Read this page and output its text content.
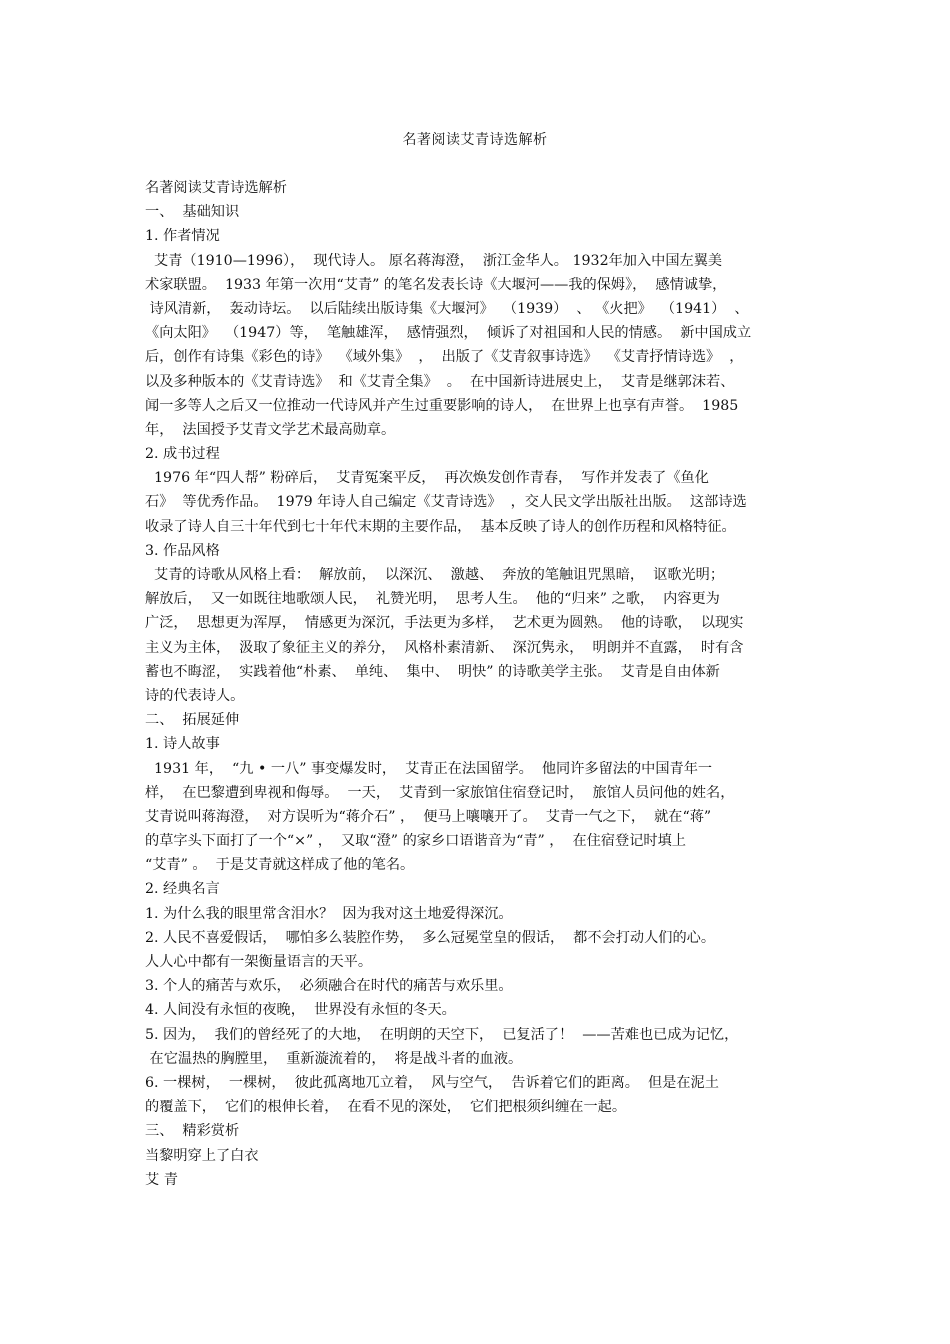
名著阅读艾青诗选解析

名著阅读艾青诗选解析

一、  基础知识

1. 作者情况

艾青（1910—1996），  现代诗人。 原名蒋海澄，  浙江金华人。 1932年加入中国左翼美

术家联盟。  1933 年第一次用“艾青” 的笔名发表长诗《大堰河——我的保姆》，  感情诚挚，

诗风清新，  轰动诗坛。  以后陆续出版诗集《大堰河》  （1939）  、 《火把》  （1941）  、

《向太阳》  （1947）等，  笔触雄浑，  感情强烈，  倾诉了对祖国和人民的情感。  新中国成立

后，创作有诗集《彩色的诗》  《域外集》  ，  出版了《艾青叙事诗选》  《艾青抒情诗选》  ，

以及多种版本的《艾青诗选》  和《艾青全集》  。  在中国新诗进展史上，  艾青是继郭沫若、

闻一多等人之后又一位推动一代诗风并产生过重要影响的诗人，  在世界上也享有声誉。  1985

年，  法国授予艾青文学艺术最高勋章。

2. 成书过程

1976 年“四人帮” 粉碎后，  艾青冤案平反，  再次焕发创作青春，  写作并发表了《鱼化

石》  等优秀作品。  1979 年诗人自己编定《艾青诗选》  ，交人民文学出版社出版。  这部诗选

收录了诗人自三十年代到七十年代末期的主要作品，  基本反映了诗人的创作历程和风格特征。

3. 作品风格

艾青的诗歌从风格上看：  解放前，  以深沉、  激越、  奔放的笔触诅咒黑暗，  讴歌光明；

解放后，  又一如既往地歌颂人民，  礼赞光明，  思考人生。  他的“归来” 之歌，  内容更为

广泛，  思想更为浑厚，  情感更为深沉，手法更为多样，  艺术更为圆熟。  他的诗歌，  以现实

主义为主体，  汲取了象征主义的养分，  风格朴素清新、  深沉隽永，  明朗并不直露，  时有含

蓄也不晦涩，  实践着他“朴素、  单纯、  集中、  明快” 的诗歌美学主张。  艾青是自由体新

诗的代表诗人。

二、  拓展延伸

1. 诗人故事

1931 年，  “九 • 一八” 事变爆发时，  艾青正在法国留学。  他同许多留法的中国青年一

样，  在巴黎遭到卑视和侮辱。  一天，  艾青到一家旅馆住宿登记时，  旅馆人员问他的姓名，

艾青说叫蒋海澄，  对方误听为“蒋介石” ，  便马上嚷嚷开了。  艾青一气之下，  就在“蒋”

的草字头下面打了一个“×” ，  又取“澄” 的家乡口语谐音为“青” ，  在住宿登记时填上

“艾青” 。  于是艾青就这样成了他的笔名。

2. 经典名言

1. 为什么我的眼里常含泪水？  因为我对这土地爱得深沉。

2. 人民不喜爱假话，  哪怕多么装腔作势，  多么冠冕堂皇的假话，  都不会打动人们的心。

人人心中都有一架衡量语言的天平。

3. 个人的痛苦与欢乐，  必须融合在时代的痛苦与欢乐里。

4. 人间没有永恒的夜晚，  世界没有永恒的冬天。

5. 因为，  我们的曾经死了的大地，  在明朗的天空下，  已复活了！  ——苦难也已成为记忆，

在它温热的胸膛里，  重新漩流着的，  将是战斗者的血液。

6. 一棵树，  一棵树，  彼此孤离地兀立着，  风与空气，  告诉着它们的距离。  但是在泥土

的覆盖下，  它们的根伸长着，  在看不见的深处，  它们把根须纠缠在一起。

三、  精彩赏析

当黎明穿上了白衣

艾 青
